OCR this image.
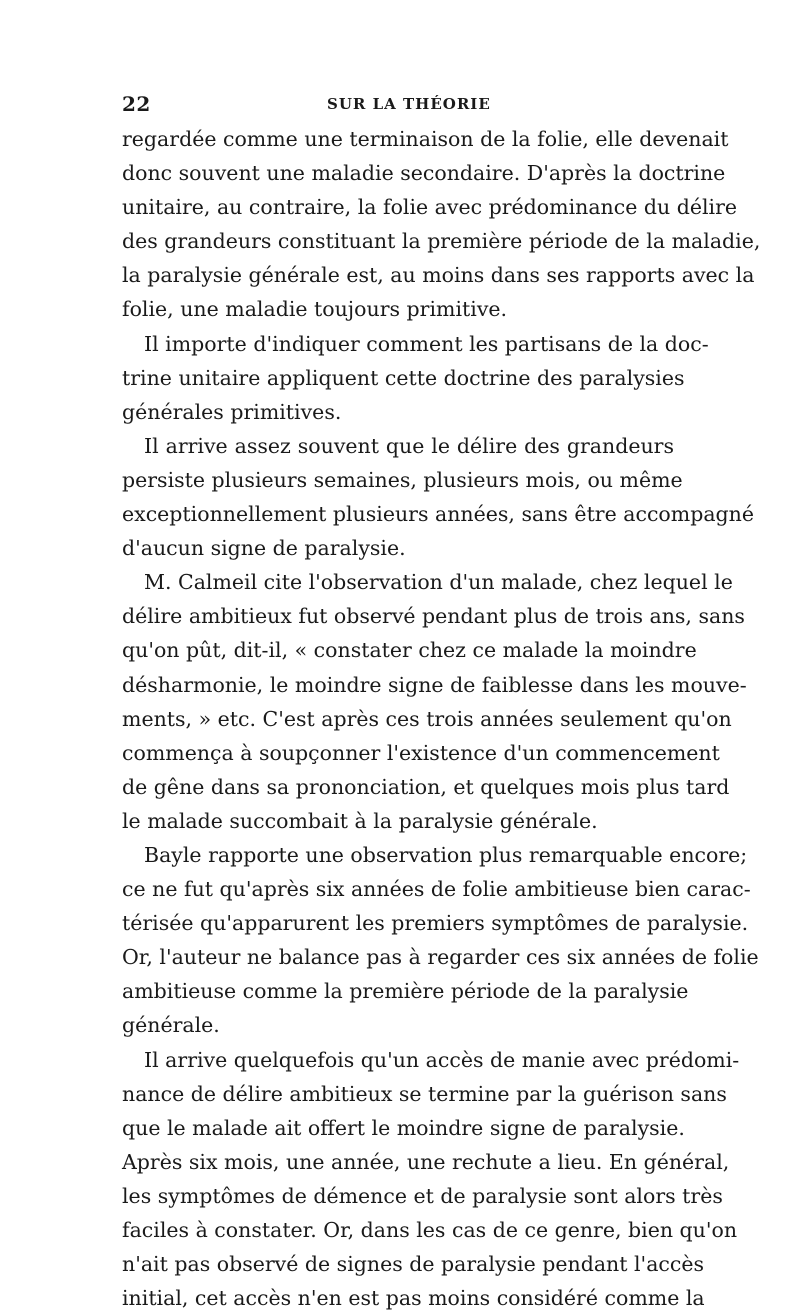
22	SUR LA THÉORIE
regardée comme une terminaison de la folie, elle devenait
donc souvent une maladie secondaire. D'après la doctrine
unitaire, au contraire, la folie avec prédominance du délire
des grandeurs constituant la première période de la maladie,
la paralysie générale est, au moins dans ses rapports avec la
folie, une maladie toujours primitive.
Il importe d'indiquer comment les partisans de la doc-
trine unitaire appliquent cette doctrine des paralysies
générales primitives.
Il arrive assez souvent que le délire des grandeurs
persiste plusieurs semaines, plusieurs mois, ou même
exceptionnellement plusieurs années, sans être accompagné
d'aucun signe de paralysie.
M. Calmeil cite l'observation d'un malade, chez lequel le
délire ambitieux fut observé pendant plus de trois ans, sans
qu'on pût, dit-il, « constater chez ce malade la moindre
désharmonie, le moindre signe de faiblesse dans les mouve-
ments, » etc. C'est après ces trois années seulement qu'on
commença à soupçonner l'existence d'un commencement
de gêne dans sa prononciation, et quelques mois plus tard
le malade succombait à la paralysie générale.
Bayle rapporte une observation plus remarquable encore;
ce ne fut qu'après six années de folie ambitieuse bien carac-
térisée qu'apparurent les premiers symptômes de paralysie.
Or, l'auteur ne balance pas à regarder ces six années de folie
ambitieuse comme la première période de la paralysie
générale.
Il arrive quelquefois qu'un accès de manie avec prédomi-
nance de délire ambitieux se termine par la guérison sans
que le malade ait offert le moindre signe de paralysie.
Après six mois, une année, une rechute a lieu. En général,
les symptômes de démence et de paralysie sont alors très
faciles à constater. Or, dans les cas de ce genre, bien qu'on
n'ait pas observé de signes de paralysie pendant l'accès
initial, cet accès n'en est pas moins considéré comme la
